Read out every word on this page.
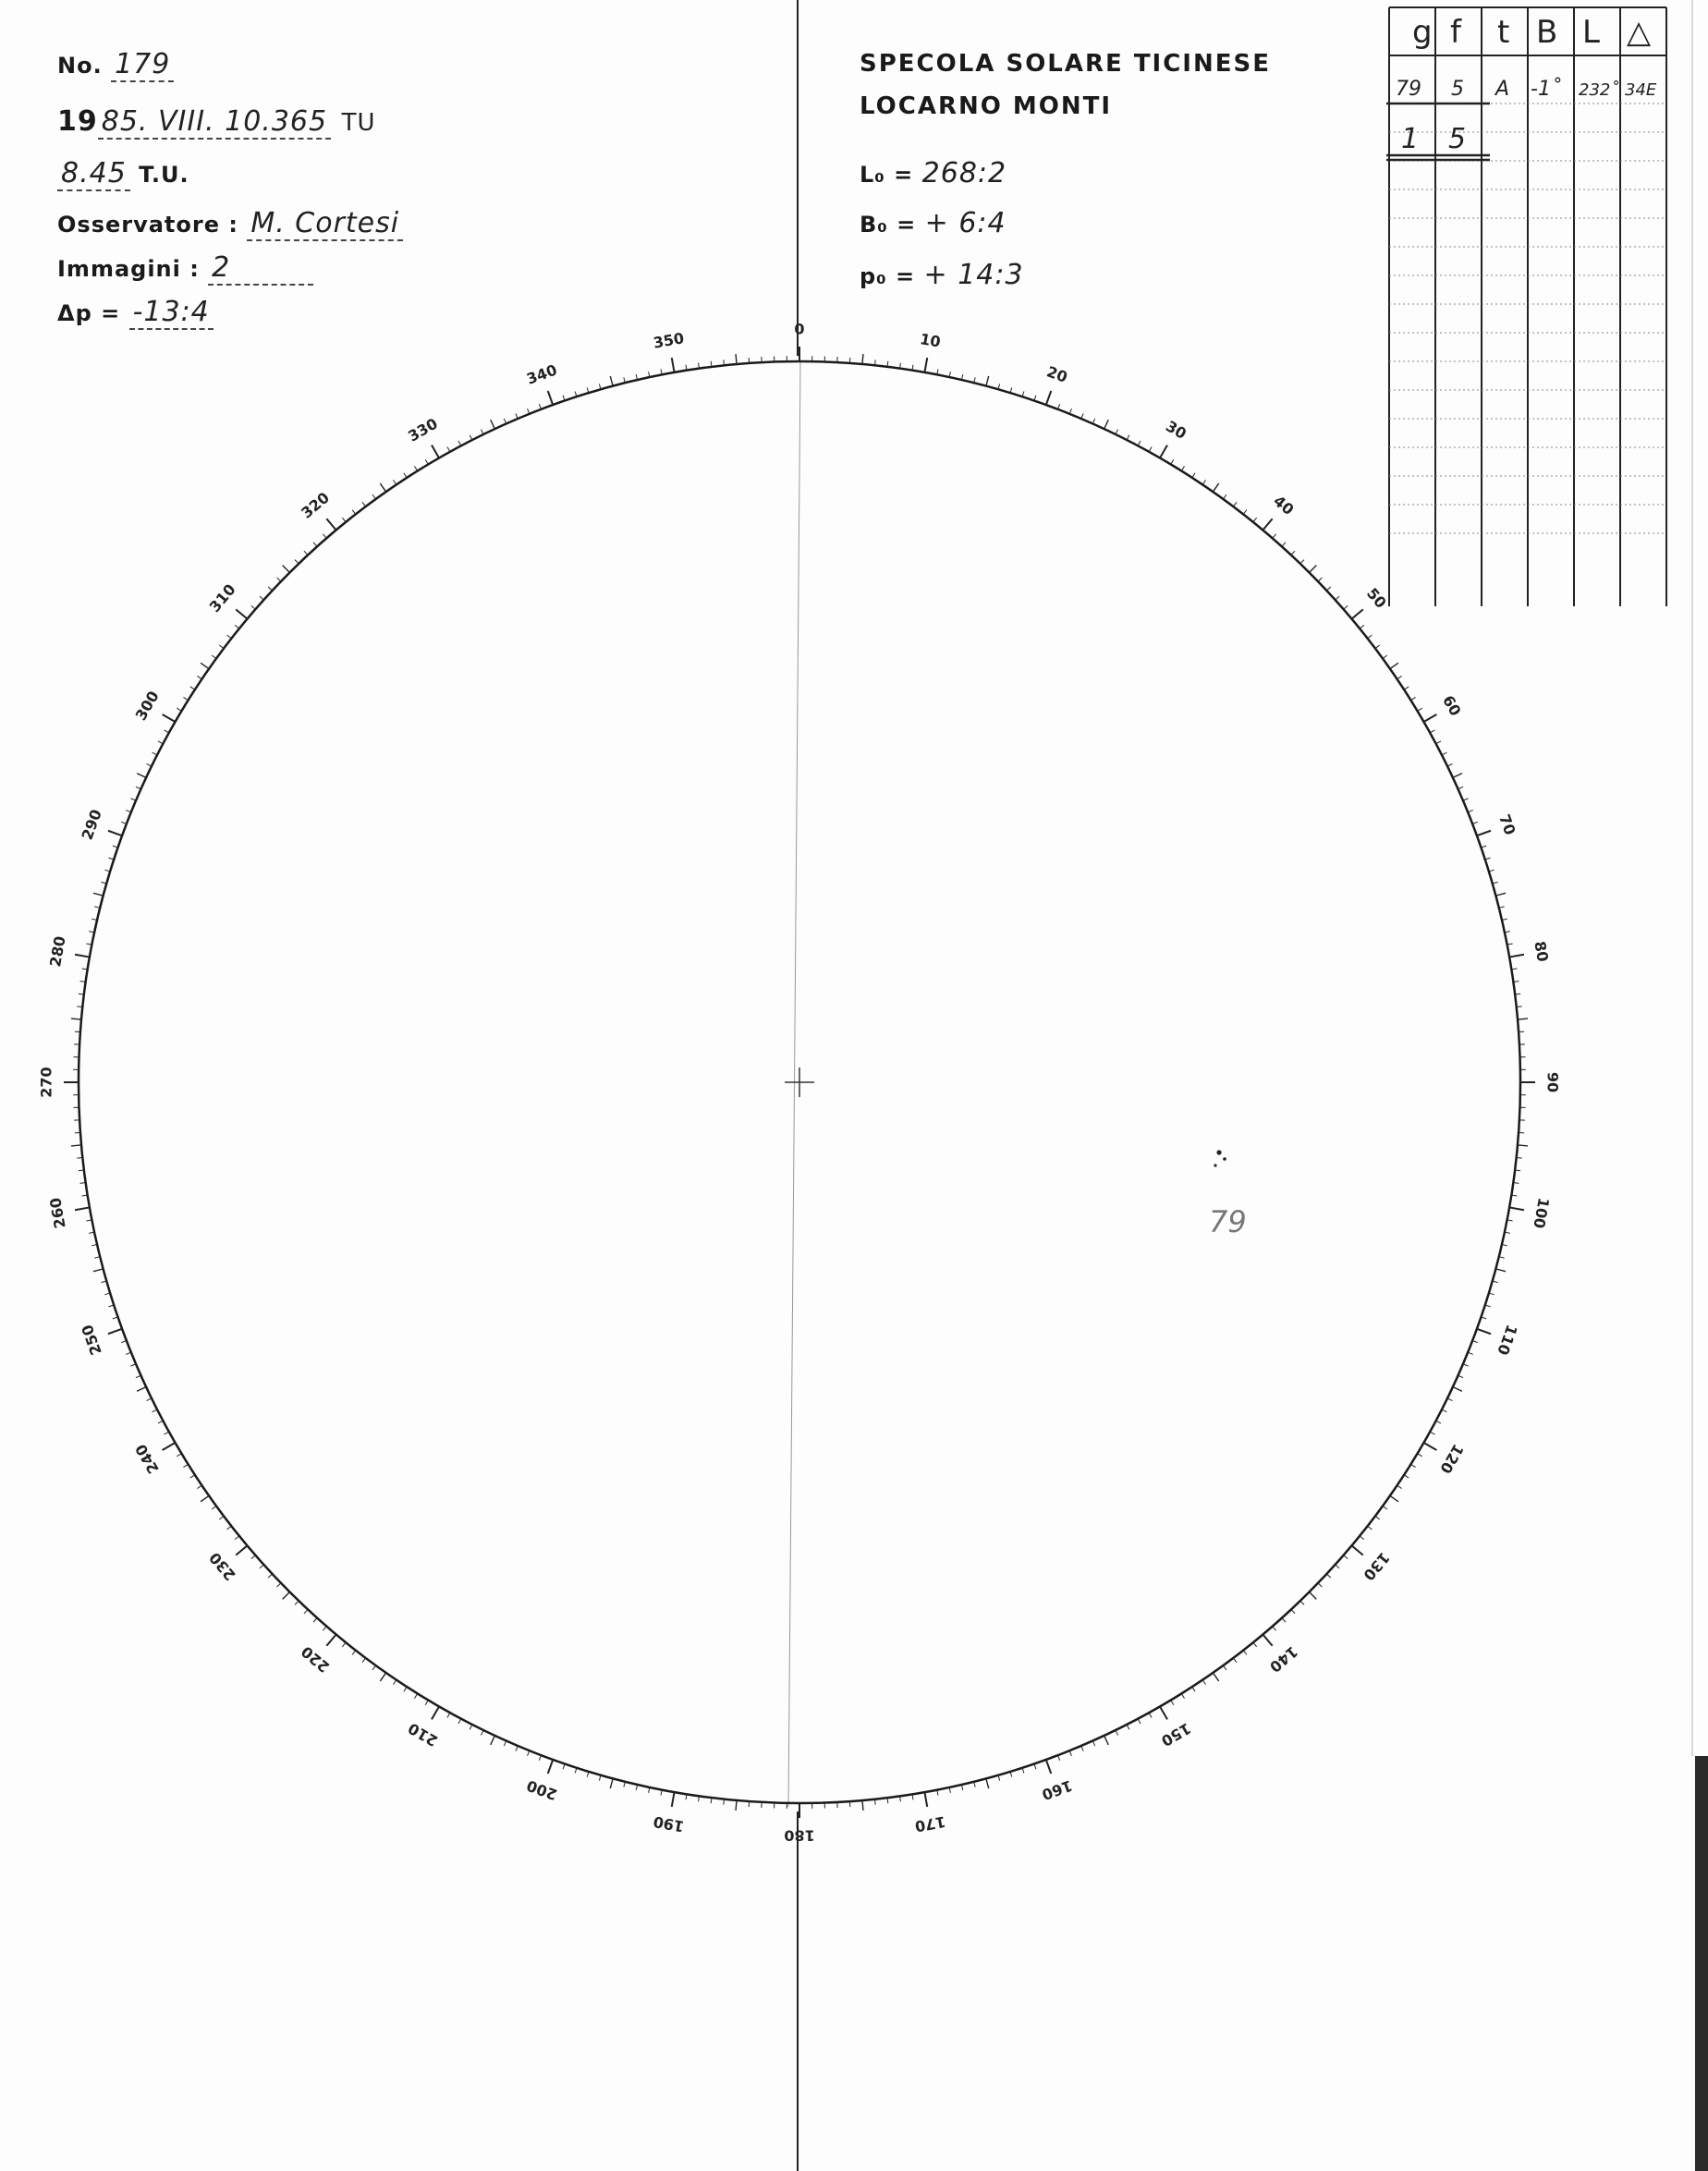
No. 179
19 85. VIII. 10.365 TU
8.45 T.U.
Osservatore : M. Cortesi
Immagini : 2
Δp = -13:4
SPECOLA SOLARE TICINESE
LOCARNO MONTI
L₀ = 268:2
B₀ = + 6:4
p₀ = + 14:3
0
10
20
30
40
50
60
70
80
90
100
110
120
130
140
150
160
170
180
190
200
210
220
230
240
250
260
270
280
290
300
310
320
330
340
350
79
g f t B L △
79 5 A -1˚ 232˚ 34E
1 5
